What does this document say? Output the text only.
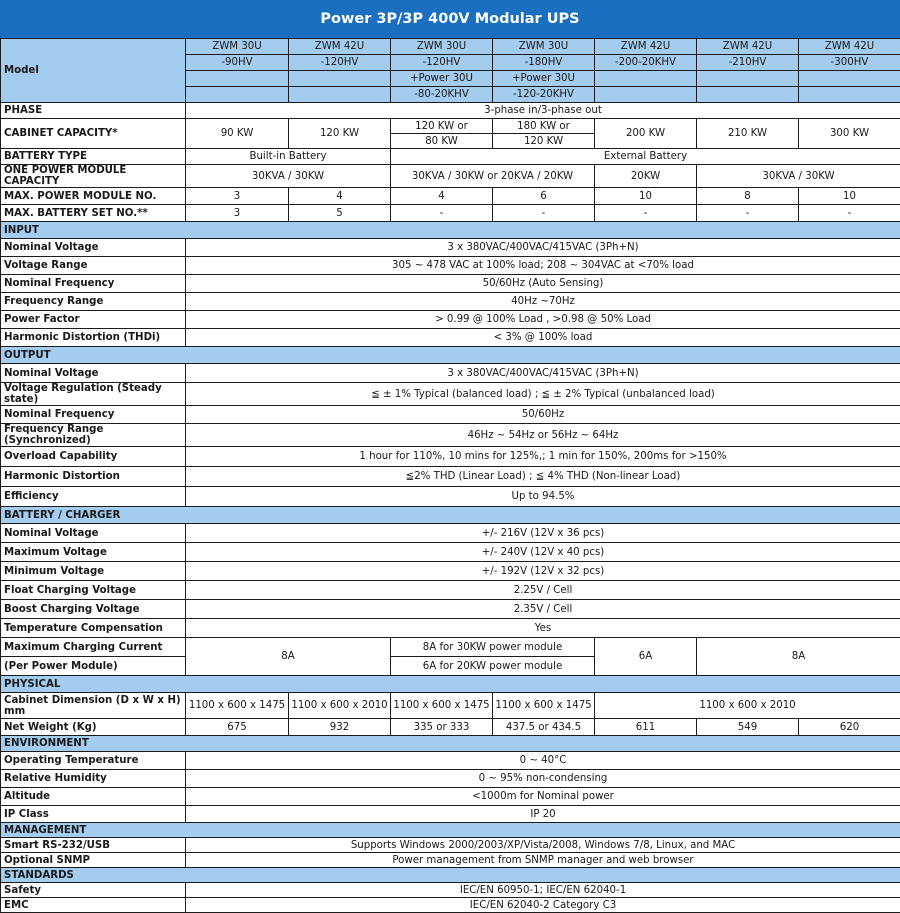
Power 3P/3P 400V Modular UPS
Model	ZWM 30U	ZWM 42U	ZWM 30U	ZWM 30U	ZWM 42U	ZWM 42U	ZWM 42U
	-90HV	-120HV	-120HV	-180HV	-200-20KHV	-210HV	-300HV
			+Power 30U	+Power 30U			
			-80-20KHV	-120-20KHV			
PHASE	3-phase in/3-phase out						
CABINET CAPACITY*	90 KW	120 KW	120 KW or	180 KW or	200 KW	210 KW	300 KW
			80 KW	120 KW			
BATTERY TYPE	Built-in Battery		External Battery				
ONE POWER MODULE CAPACITY	30KVA / 30KW		30KVA / 30KW or 20KVA / 20KW		20KW	30KVA / 30KW	
MAX. POWER MODULE NO.	3	4	4	6	10	8	10
MAX. BATTERY SET NO.**	3	5	-	-	-	-	-
INPUT							
Nominal Voltage	3 x 380VAC/400VAC/415VAC (3Ph+N)						
Voltage Range	305 ~ 478 VAC at 100% load; 208 ~ 304VAC at <70% load						
Nominal Frequency	50/60Hz (Auto Sensing)						
Frequency Range	40Hz ~70Hz						
Power Factor	> 0.99 @ 100% Load , >0.98 @ 50% Load						
Harmonic Distortion (THDi)	< 3% @ 100% load						
OUTPUT							
Nominal Voltage	3 x 380VAC/400VAC/415VAC (3Ph+N)						
Voltage Regulation (Steady state)	≦ ± 1% Typical (balanced load) ; ≦ ± 2% Typical (unbalanced load)						
Nominal Frequency	50/60Hz						
Frequency Range (Synchronized)	46Hz ~ 54Hz or 56Hz ~ 64Hz						
Overload Capability	1 hour for 110%, 10 mins for 125%,; 1 min for 150%, 200ms for >150%						
Harmonic Distortion	≦2% THD (Linear Load) ; ≦ 4% THD (Non-linear Load)						
Efficiency	Up to 94.5%						
BATTERY / CHARGER							
Nominal Voltage	+/- 216V (12V x 36 pcs)						
Maximum Voltage	+/- 240V (12V x 40 pcs)						
Minimum Voltage	+/- 192V (12V x 32 pcs)						
Float Charging Voltage	2.25V / Cell						
Boost Charging Voltage	2.35V / Cell						
Temperature Compensation	Yes						
Maximum Charging Current	8A		8A for 30KW power module		6A	8A	
(Per Power Module)			6A for 20KW power module				
PHYSICAL							
Cabinet Dimension (D x W x H) mm	1100 x 600 x 1475	1100 x 600 x 2010	1100 x 600 x 1475	1100 x 600 x 1475	1100 x 600 x 2010		
Net Weight (Kg)	675	932	335 or 333	437.5 or 434.5	611	549	620
ENVIRONMENT							
Operating Temperature	0 ~ 40°C						
Relative Humidity	0 ~ 95% non-condensing						
Altitude	<1000m for Nominal power						
IP Class	IP 20						
MANAGEMENT							
Smart RS-232/USB	Supports Windows 2000/2003/XP/Vista/2008, Windows 7/8, Linux, and MAC						
Optional SNMP	Power management from SNMP manager and web browser						
STANDARDS							
Safety	IEC/EN 60950-1; IEC/EN 62040-1						
EMC	IEC/EN 62040-2 Category C3						
